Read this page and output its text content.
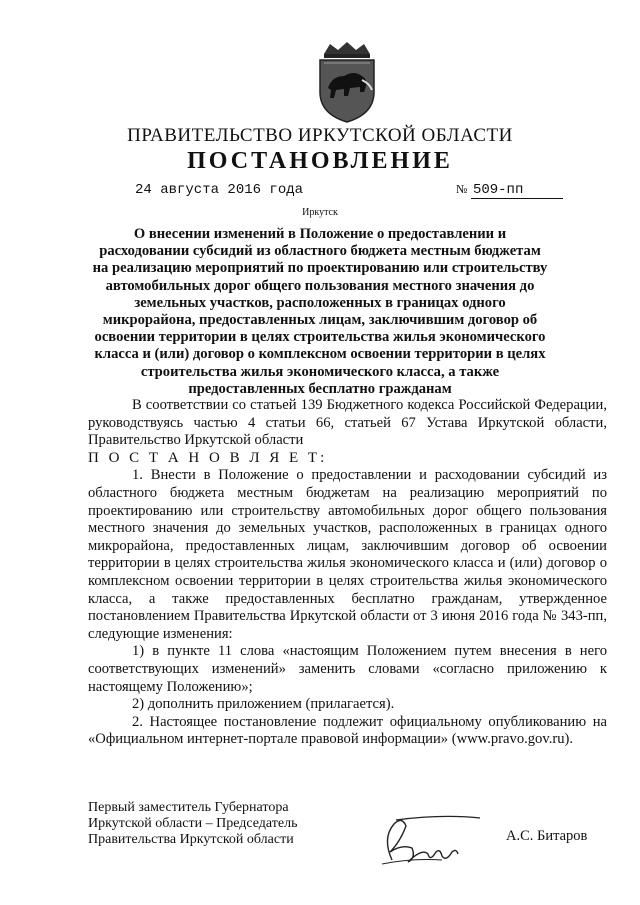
ПРАВИТЕЛЬСТВО ИРКУТСКОЙ ОБЛАСТИ
ПОСТАНОВЛЕНИЕ
24 августа 2016 года	№ 509-пп
Иркутск
О внесении изменений в Положение о предоставлении и расходовании субсидий из областного бюджета местным бюджетам на реализацию мероприятий по проектированию или строительству автомобильных дорог общего пользования местного значения до земельных участков, расположенных в границах одного микрорайона, предоставленных лицам, заключившим договор об освоении территории в целях строительства жилья экономического класса и (или) договор о комплексном освоении территории в целях строительства жилья экономического класса, а также предоставленных бесплатно гражданам

В соответствии со статьей 139 Бюджетного кодекса Российской Федерации, руководствуясь частью 4 статьи 66, статьей 67 Устава Иркутской области, Правительство Иркутской области

П О С Т А Н О В Л Я Е Т:

1. Внести в Положение о предоставлении и расходовании субсидий из областного бюджета местным бюджетам на реализацию мероприятий по проектированию или строительству автомобильных дорог общего пользования местного значения до земельных участков, расположенных в границах одного микрорайона, предоставленных лицам, заключившим договор об освоении территории в целях строительства жилья экономического класса и (или) договор о комплексном освоении территории в целях строительства жилья экономического класса, а также предоставленных бесплатно гражданам, утвержденное постановлением Правительства Иркутской области от 3 июня 2016 года № 343-пп, следующие изменения:

1) в пункте 11 слова «настоящим Положением путем внесения в него соответствующих изменений» заменить словами «согласно приложению к настоящему Положению»;

2) дополнить приложением (прилагается).

2. Настоящее постановление подлежит официальному опубликованию на «Официальном интернет-портале правовой информации» (www.pravo.gov.ru).

Первый заместитель Губернатора
Иркутской области – Председатель
Правительства Иркутской области	А.С. Битаров
